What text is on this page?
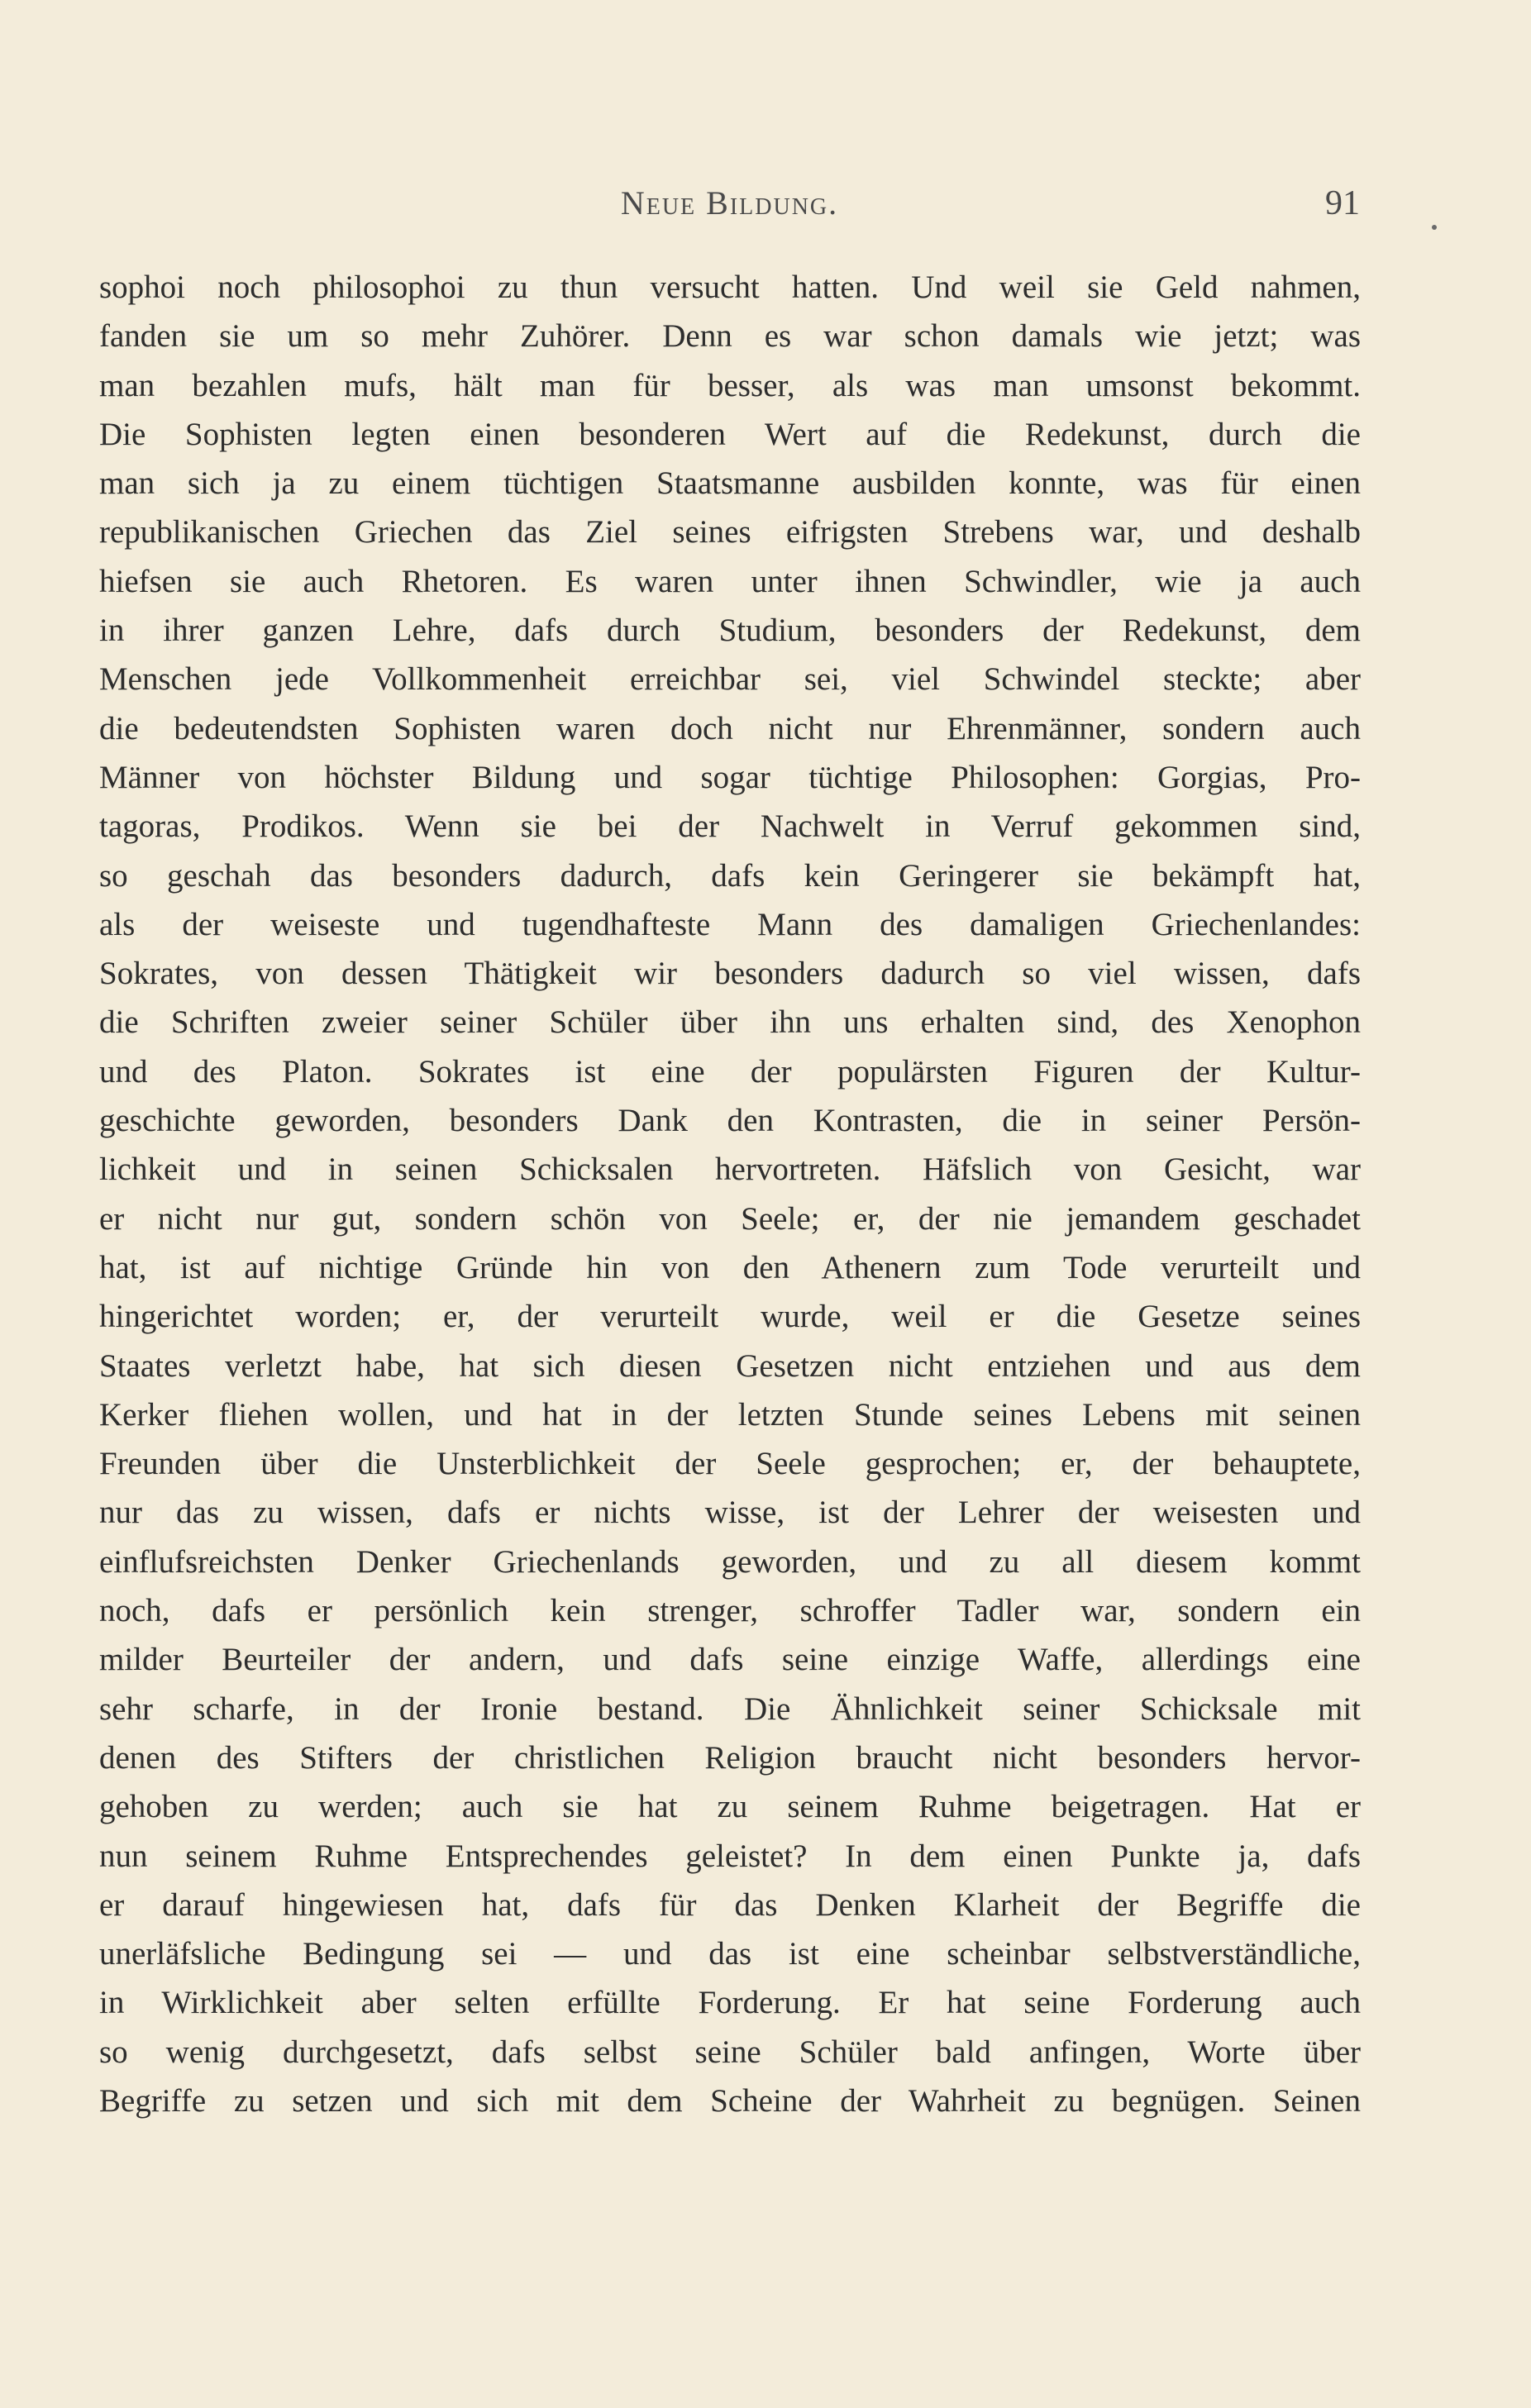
Neue Bildung.	91
sophoi noch philosophoi zu thun versucht hatten. Und weil sie Geld nahmen,
fanden sie um so mehr Zuhörer. Denn es war schon damals wie jetzt; was
man bezahlen mufs, hält man für besser, als was man umsonst bekommt.
Die Sophisten legten einen besonderen Wert auf die Redekunst, durch die
man sich ja zu einem tüchtigen Staatsmanne ausbilden konnte, was für einen
republikanischen Griechen das Ziel seines eifrigsten Strebens war, und deshalb
hiefsen sie auch Rhetoren. Es waren unter ihnen Schwindler, wie ja auch
in ihrer ganzen Lehre, dafs durch Studium, besonders der Redekunst, dem
Menschen jede Vollkommenheit erreichbar sei, viel Schwindel steckte; aber
die bedeutendsten Sophisten waren doch nicht nur Ehrenmänner, sondern auch
Männer von höchster Bildung und sogar tüchtige Philosophen: Gorgias, Pro-
tagoras, Prodikos. Wenn sie bei der Nachwelt in Verruf gekommen sind,
so geschah das besonders dadurch, dafs kein Geringerer sie bekämpft hat,
als der weiseste und tugendhafteste Mann des damaligen Griechenlandes:
Sokrates, von dessen Thätigkeit wir besonders dadurch so viel wissen, dafs
die Schriften zweier seiner Schüler über ihn uns erhalten sind, des Xenophon
und des Platon. Sokrates ist eine der populärsten Figuren der Kultur-
geschichte geworden, besonders Dank den Kontrasten, die in seiner Persön-
lichkeit und in seinen Schicksalen hervortreten. Häfslich von Gesicht, war
er nicht nur gut, sondern schön von Seele; er, der nie jemandem geschadet
hat, ist auf nichtige Gründe hin von den Athenern zum Tode verurteilt und
hingerichtet worden; er, der verurteilt wurde, weil er die Gesetze seines
Staates verletzt habe, hat sich diesen Gesetzen nicht entziehen und aus dem
Kerker fliehen wollen, und hat in der letzten Stunde seines Lebens mit seinen
Freunden über die Unsterblichkeit der Seele gesprochen; er, der behauptete,
nur das zu wissen, dafs er nichts wisse, ist der Lehrer der weisesten und
einflufsreichsten Denker Griechenlands geworden, und zu all diesem kommt
noch, dafs er persönlich kein strenger, schroffer Tadler war, sondern ein
milder Beurteiler der andern, und dafs seine einzige Waffe, allerdings eine
sehr scharfe, in der Ironie bestand. Die Ähnlichkeit seiner Schicksale mit
denen des Stifters der christlichen Religion braucht nicht besonders hervor-
gehoben zu werden; auch sie hat zu seinem Ruhme beigetragen. Hat er
nun seinem Ruhme Entsprechendes geleistet? In dem einen Punkte ja, dafs
er darauf hingewiesen hat, dafs für das Denken Klarheit der Begriffe die
unerläfsliche Bedingung sei — und das ist eine scheinbar selbstverständliche,
in Wirklichkeit aber selten erfüllte Forderung. Er hat seine Forderung auch
so wenig durchgesetzt, dafs selbst seine Schüler bald anfingen, Worte über
Begriffe zu setzen und sich mit dem Scheine der Wahrheit zu begnügen. Seinen
